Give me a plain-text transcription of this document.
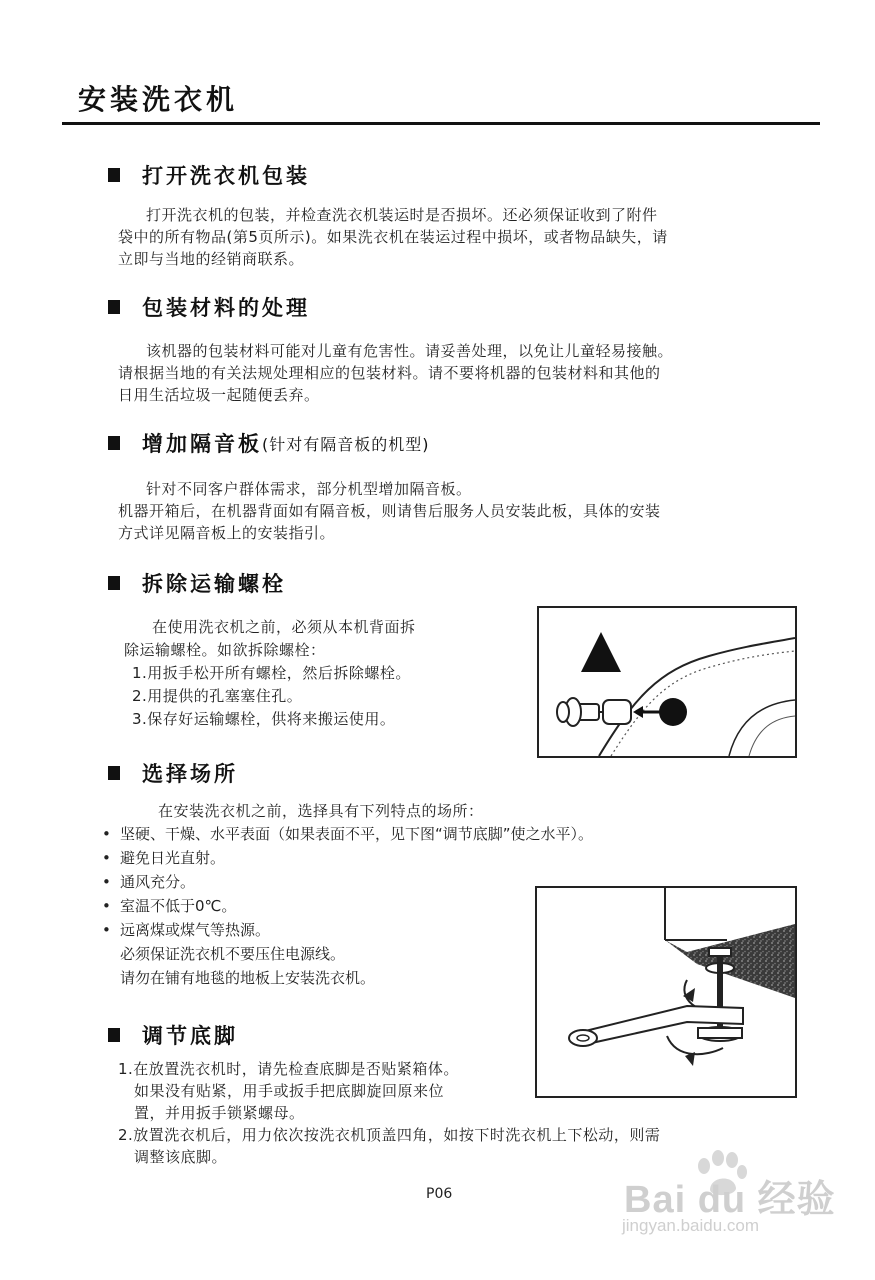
安装洗衣机
打开洗衣机包装
打开洗衣机的包装，并检查洗衣机装运时是否损坏。还必须保证收到了附件
袋中的所有物品(第5页所示)。如果洗衣机在装运过程中损坏，或者物品缺失，请
立即与当地的经销商联系。
包装材料的处理
该机器的包装材料可能对儿童有危害性。请妥善处理，以免让儿童轻易接触。
请根据当地的有关法规处理相应的包装材料。请不要将机器的包装材料和其他的
日用生活垃圾一起随便丢弃。
增加隔音板 (针对有隔音板的机型)
针对不同客户群体需求，部分机型增加隔音板。
机器开箱后，在机器背面如有隔音板，则请售后服务人员安装此板，具体的安装
方式详见隔音板上的安装指引。
拆除运输螺栓
在使用洗衣机之前，必须从本机背面拆
除运输螺栓。如欲拆除螺栓：
1.用扳手松开所有螺栓，然后拆除螺栓。
2.用提供的孔塞塞住孔。
3.保存好运输螺栓，供将来搬运使用。
选择场所
在安装洗衣机之前，选择具有下列特点的场所：
• 坚硬、干燥、水平表面（如果表面不平，见下图“调节底脚”使之水平）。
• 避免日光直射。
• 通风充分。
• 室温不低于0℃。
• 远离煤或煤气等热源。
必须保证洗衣机不要压住电源线。
请勿在铺有地毯的地板上安装洗衣机。
调节底脚
1.在放置洗衣机时，请先检查底脚是否贴紧箱体。
如果没有贴紧，用手或扳手把底脚旋回原来位
置，并用扳手锁紧螺母。
2.放置洗衣机后，用力依次按洗衣机顶盖四角，如按下时洗衣机上下松动，则需
调整该底脚。
P06	Bai du 经验
jingyan.baidu.com
